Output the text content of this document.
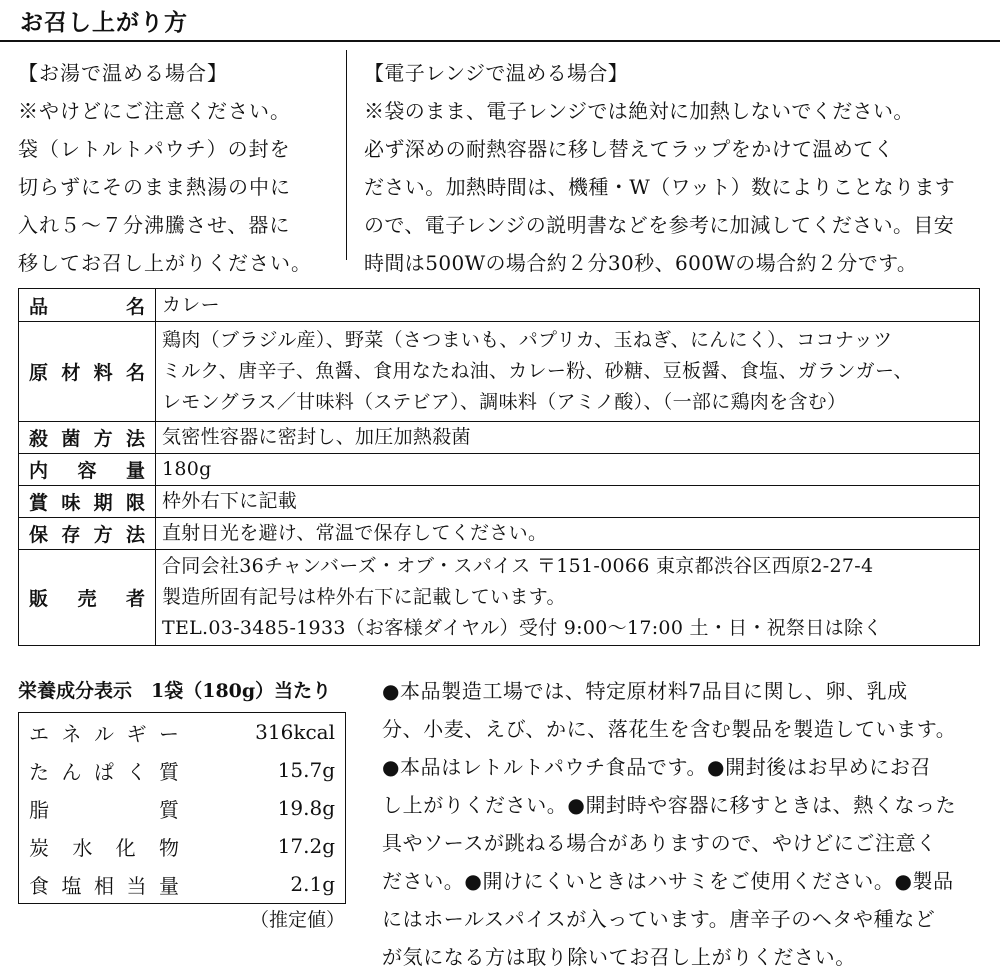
お召し上がり方

【お湯で温める場合】

※やけどにご注意ください。

袋（レトルトパウチ）の封を

切らずにそのまま熱湯の中に

入れ５～７分沸騰させ、器に

移してお召し上がりください。

【電子レンジで温める場合】

※袋のまま、電子レンジでは絶対に加熱しないでください。

必ず深めの耐熱容器に移し替えてラップをかけて温めてく

ださい。加熱時間は、機種・W（ワット）数によりことなります

ので、電子レンジの説明書などを参考に加減してください。目安

時間は500Wの場合約２分30秒、600Wの場合約２分です。

品名	カレー
原材料名	鶏肉（ブラジル産）、野菜（さつまいも、パプリカ、玉ねぎ、にんにく）、ココナッツ
ミルク、唐辛子、魚醤、食用なたね油、カレー粉、砂糖、豆板醤、食塩、ガランガー、
レモングラス／甘味料（ステビア）、調味料（アミノ酸）、（一部に鶏肉を含む）

殺菌方法	気密性容器に密封し、加圧加熱殺菌
内容量	180g
賞味期限	枠外右下に記載
保存方法	直射日光を避け、常温で保存してください。
販売者	合同会社36チャンバーズ・オブ・スパイス 〒151-0066 東京都渋谷区西原2-27-4
製造所固有記号は枠外右下に記載しています。
TEL.03-3485-1933（お客様ダイヤル）受付 9:00～17:00 土・日・祝祭日は除く
栄養成分表示　1袋（180g）当たり
エネルギー	316kcal
たんぱく質	15.7g
脂質	19.8g
炭水化物	17.2g
食塩相当量	2.1g
（推定値）
●本品製造工場では、特定原材料7品目に関し、卵、乳成
分、小麦、えび、かに、落花生を含む製品を製造しています。
●本品はレトルトパウチ食品です。●開封後はお早めにお召
し上がりください。●開封時や容器に移すときは、熱くなった
具やソースが跳ねる場合がありますので、やけどにご注意く
ださい。●開けにくいときはハサミをご使用ください。●製品
にはホールスパイスが入っています。唐辛子のヘタや種など
が気になる方は取り除いてお召し上がりください。
